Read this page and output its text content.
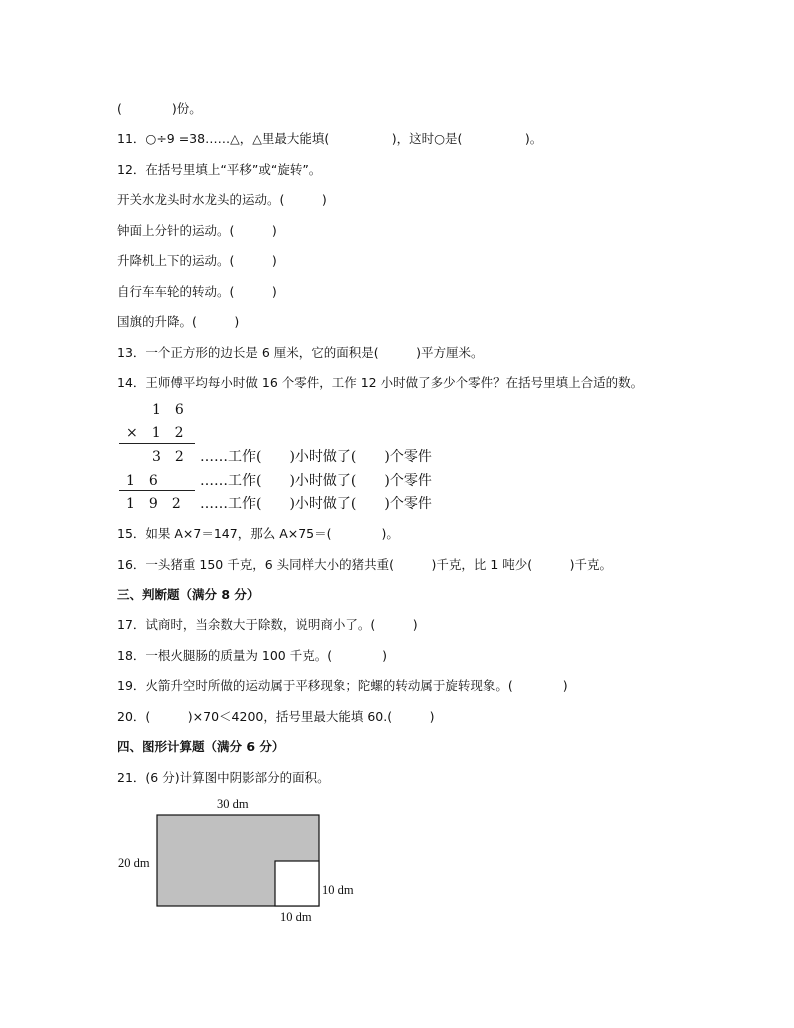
(　　　　)份。
11．○÷9 =38……△，△里最大能填(　　　　　)，这时○是(　　　　　)。
12．在括号里填上“平移”或“旋转”。
开关水龙头时水龙头的运动。(　　　)
钟面上分针的运动。(　　　)
升降机上下的运动。(　　　)
自行车车轮的转动。(　　　)
国旗的升降。(　　　)
13．一个正方形的边长是 6 厘米，它的面积是(　　　)平方厘米。
14．王师傅平均每小时做 16 个零件，工作 12 小时做了多少个零件？在括号里填上合适的数。
1　6
×　1　2
3　2 ……工作(　　)小时做了(　　)个零件
1　6	……工作(　　)小时做了(　　)个零件
1　9　2 ……工作(　　)小时做了(　　)个零件
15．如果 A×7＝147，那么 A×75＝(　　　　)。
16．一头猪重 150 千克，6 头同样大小的猪共重(　　　)千克，比 1 吨少(　　　)千克。
三、判断题（满分 8 分）
17．试商时，当余数大于除数，说明商小了。(　　　)
18．一根火腿肠的质量为 100 千克。(　　　　)
19．火箭升空时所做的运动属于平移现象；陀螺的转动属于旋转现象。(　　　　)
20．(　　　)×70＜4200，括号里最大能填 60.(　　　)
四、图形计算题（满分 6 分）
21．(6 分)计算图中阴影部分的面积。
30 dm
20 dm
10 dm
10 dm
